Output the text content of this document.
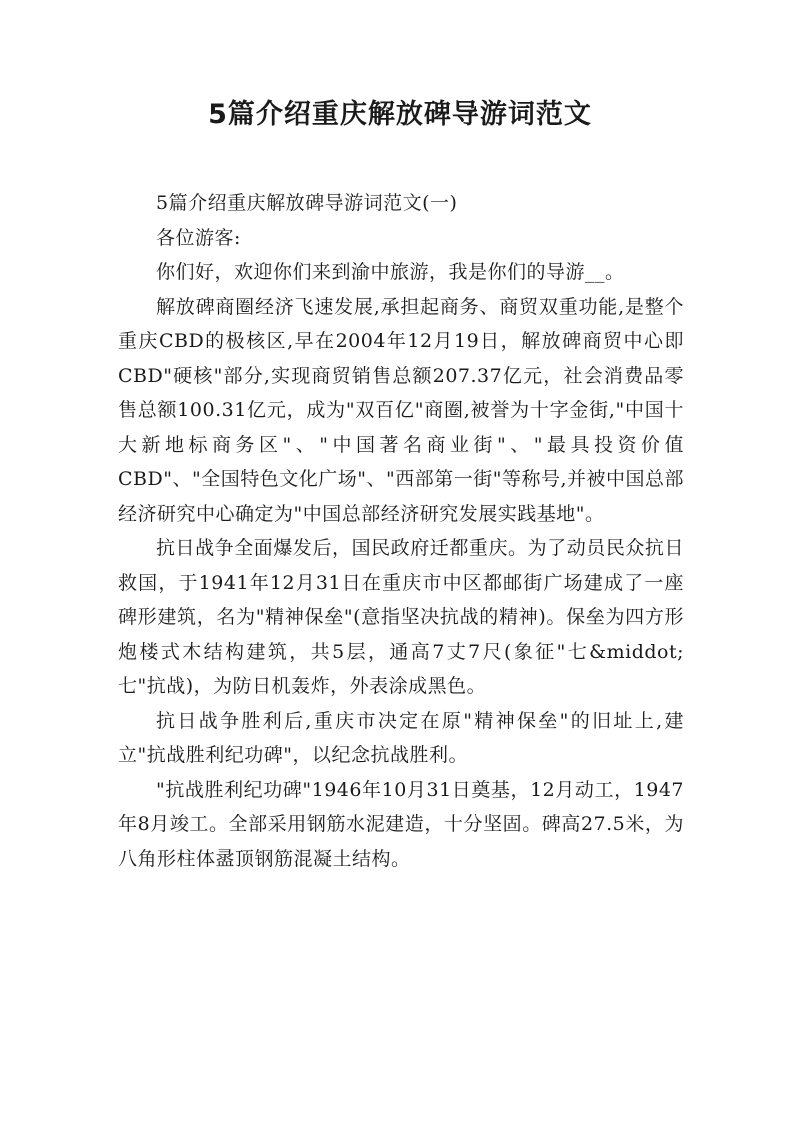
5篇介绍重庆解放碑导游词范文

5篇介绍重庆解放碑导游词范文(一)

各位游客:

你们好，欢迎你们来到渝中旅游，我是你们的导游__。

解放碑商圈经济飞速发展,承担起商务、商贸双重功能,是整个重庆CBD的极核区,早在2004年12月19日，解放碑商贸中心即CBD"硬核"部分,实现商贸销售总额207.37亿元，社会消费品零售总额100.31亿元，成为"双百亿"商圈,被誉为十字金街,"中国十大新地标商务区"、"中国著名商业街"、"最具投资价值CBD"、"全国特色文化广场"、"西部第一街"等称号,并被中国总部经济研究中心确定为"中国总部经济研究发展实践基地"。

抗日战争全面爆发后，国民政府迁都重庆。为了动员民众抗日救国，于1941年12月31日在重庆市中区都邮街广场建成了一座碑形建筑，名为"精神保垒"(意指坚决抗战的精神)。保垒为四方形炮楼式木结构建筑，共5层，通高7丈7尺(象征"七&middot;七"抗战)，为防日机轰炸，外表涂成黑色。

抗日战争胜利后,重庆市决定在原"精神保垒"的旧址上,建立"抗战胜利纪功碑"，以纪念抗战胜利。

"抗战胜利纪功碑"1946年10月31日奠基，12月动工，1947年8月竣工。全部采用钢筋水泥建造，十分坚固。碑高27.5米，为八角形柱体盝顶钢筋混凝土结构。
